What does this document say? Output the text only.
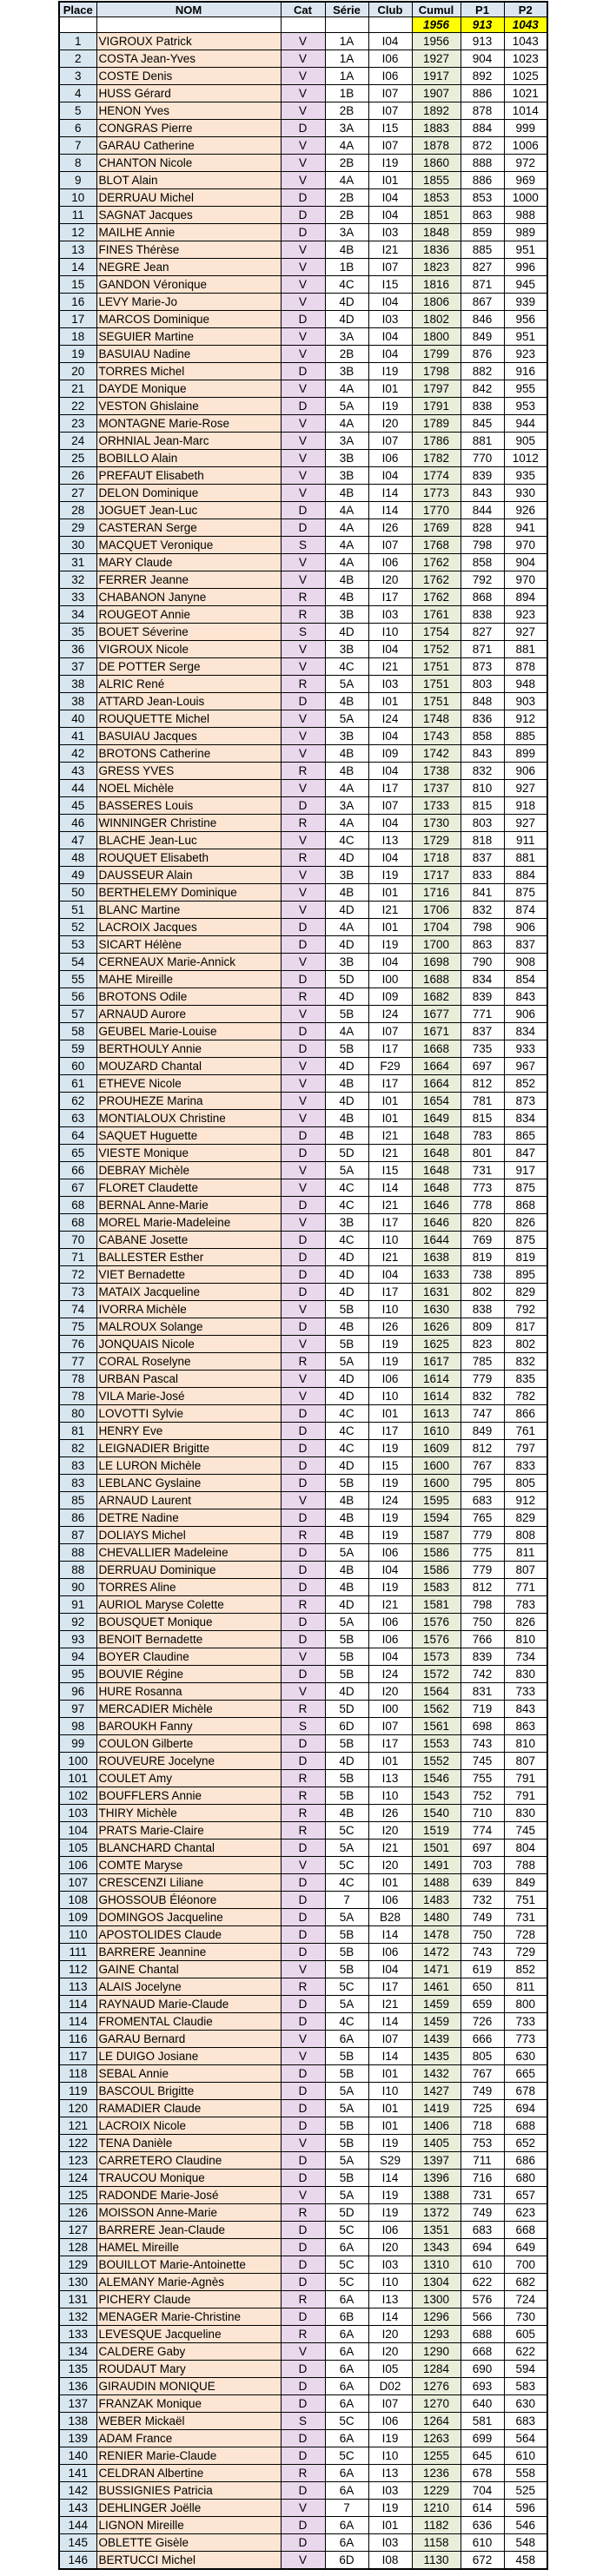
Place	NOM	Cat	Série	Club	Cumul	P1	P2
					1956	913	1043
1	VIGROUX Patrick	V	1A	I04	1956	913	1043
2	COSTA Jean-Yves	V	1A	I06	1927	904	1023
3	COSTE Denis	V	1A	I06	1917	892	1025
4	HUSS Gérard	V	1B	I07	1907	886	1021
5	HENON Yves	V	2B	I07	1892	878	1014
6	CONGRAS Pierre	D	3A	I15	1883	884	999
7	GARAU Catherine	V	4A	I07	1878	872	1006
8	CHANTON Nicole	V	2B	I19	1860	888	972
9	BLOT Alain	V	4A	I01	1855	886	969
10	DERRUAU Michel	D	2B	I04	1853	853	1000
11	SAGNAT Jacques	D	2B	I04	1851	863	988
12	MAILHE Annie	D	3A	I03	1848	859	989
13	FINES Thérèse	V	4B	I21	1836	885	951
14	NEGRE Jean	V	1B	I07	1823	827	996
15	GANDON Véronique	V	4C	I15	1816	871	945
16	LEVY Marie-Jo	V	4D	I04	1806	867	939
17	MARCOS Dominique	D	4D	I03	1802	846	956
18	SEGUIER Martine	V	3A	I04	1800	849	951
19	BASUIAU Nadine	V	2B	I04	1799	876	923
20	TORRES Michel	D	3B	I19	1798	882	916
21	DAYDE Monique	V	4A	I01	1797	842	955
22	VESTON Ghislaine	D	5A	I19	1791	838	953
23	MONTAGNE Marie-Rose	V	4A	I20	1789	845	944
24	ORHNIAL Jean-Marc	V	3A	I07	1786	881	905
25	BOBILLO Alain	V	3B	I06	1782	770	1012
26	PREFAUT Elisabeth	V	3B	I04	1774	839	935
27	DELON Dominique	V	4B	I14	1773	843	930
28	JOGUET Jean-Luc	D	4A	I14	1770	844	926
29	CASTERAN Serge	D	4A	I26	1769	828	941
30	MACQUET Veronique	S	4A	I07	1768	798	970
31	MARY Claude	V	4A	I06	1762	858	904
32	FERRER Jeanne	V	4B	I20	1762	792	970
33	CHABANON Janyne	R	4B	I17	1762	868	894
34	ROUGEOT Annie	R	3B	I03	1761	838	923
35	BOUET Séverine	S	4D	I10	1754	827	927
36	VIGROUX Nicole	V	3B	I04	1752	871	881
37	DE POTTER Serge	V	4C	I21	1751	873	878
38	ALRIC René	R	5A	I03	1751	803	948
38	ATTARD Jean-Louis	D	4B	I01	1751	848	903
40	ROUQUETTE Michel	V	5A	I24	1748	836	912
41	BASUIAU Jacques	V	3B	I04	1743	858	885
42	BROTONS Catherine	V	4B	I09	1742	843	899
43	GRESS YVES	R	4B	I04	1738	832	906
44	NOEL Michèle	V	4A	I17	1737	810	927
45	BASSERES Louis	D	3A	I07	1733	815	918
46	WINNINGER Christine	R	4A	I04	1730	803	927
47	BLACHE Jean-Luc	V	4C	I13	1729	818	911
48	ROUQUET Elisabeth	R	4D	I04	1718	837	881
49	DAUSSEUR Alain	V	3B	I19	1717	833	884
50	BERTHELEMY Dominique	V	4B	I01	1716	841	875
51	BLANC Martine	V	4D	I21	1706	832	874
52	LACROIX Jacques	D	4A	I01	1704	798	906
53	SICART Hélène	D	4D	I19	1700	863	837
54	CERNEAUX Marie-Annick	V	3B	I04	1698	790	908
55	MAHE Mireille	D	5D	I00	1688	834	854
56	BROTONS Odile	R	4D	I09	1682	839	843
57	ARNAUD Aurore	V	5B	I24	1677	771	906
58	GEUBEL Marie-Louise	D	4A	I07	1671	837	834
59	BERTHOULY Annie	D	5B	I17	1668	735	933
60	MOUZARD Chantal	V	4D	F29	1664	697	967
61	ETHEVE Nicole	V	4B	I17	1664	812	852
62	PROUHEZE Marina	V	4D	I01	1654	781	873
63	MONTIALOUX Christine	V	4B	I01	1649	815	834
64	SAQUET Huguette	D	4B	I21	1648	783	865
65	VIESTE Monique	D	5D	I21	1648	801	847
66	DEBRAY Michèle	V	5A	I15	1648	731	917
67	FLORET Claudette	V	4C	I14	1648	773	875
68	BERNAL Anne-Marie	D	4C	I21	1646	778	868
68	MOREL Marie-Madeleine	V	3B	I17	1646	820	826
70	CABANE Josette	D	4C	I10	1644	769	875
71	BALLESTER Esther	D	4D	I21	1638	819	819
72	VIET Bernadette	D	4D	I04	1633	738	895
73	MATAIX Jacqueline	D	4D	I17	1631	802	829
74	IVORRA Michèle	V	5B	I10	1630	838	792
75	MALROUX Solange	D	4B	I26	1626	809	817
76	JONQUAIS Nicole	V	5B	I19	1625	823	802
77	CORAL Roselyne	R	5A	I19	1617	785	832
78	URBAN Pascal	V	4D	I06	1614	779	835
78	VILA Marie-José	V	4D	I10	1614	832	782
80	LOVOTTI Sylvie	D	4C	I01	1613	747	866
81	HENRY Eve	D	4C	I17	1610	849	761
82	LEIGNADIER Brigitte	D	4C	I19	1609	812	797
83	LE LURON Michèle	D	4D	I15	1600	767	833
83	LEBLANC Gyslaine	D	5B	I19	1600	795	805
85	ARNAUD Laurent	V	4B	I24	1595	683	912
86	DETRE Nadine	D	4B	I19	1594	765	829
87	DOLIAYS Michel	R	4B	I19	1587	779	808
88	CHEVALLIER Madeleine	D	5A	I06	1586	775	811
88	DERRUAU Dominique	D	4B	I04	1586	779	807
90	TORRES Aline	D	4B	I19	1583	812	771
91	AURIOL Maryse Colette	R	4D	I21	1581	798	783
92	BOUSQUET Monique	D	5A	I06	1576	750	826
93	BENOIT Bernadette	D	5B	I06	1576	766	810
94	BOYER Claudine	V	5B	I04	1573	839	734
95	BOUVIE Régine	D	5B	I24	1572	742	830
96	HURE Rosanna	V	4D	I20	1564	831	733
97	MERCADIER Michèle	R	5D	I00	1562	719	843
98	BAROUKH Fanny	S	6D	I07	1561	698	863
99	COULON Gilberte	D	5B	I17	1553	743	810
100	ROUVEURE Jocelyne	D	4D	I01	1552	745	807
101	COULET Amy	R	5B	I13	1546	755	791
102	BOUFFLERS Annie	R	5B	I10	1543	752	791
103	THIRY Michèle	R	4B	I26	1540	710	830
104	PRATS Marie-Claire	R	5C	I20	1519	774	745
105	BLANCHARD Chantal	D	5A	I21	1501	697	804
106	COMTE Maryse	V	5C	I20	1491	703	788
107	CRESCENZI Liliane	D	4C	I01	1488	639	849
108	GHOSSOUB Éléonore	D	7	I06	1483	732	751
109	DOMINGOS Jacqueline	D	5A	B28	1480	749	731
110	APOSTOLIDES Claude	D	5B	I14	1478	750	728
111	BARRERE Jeannine	D	5B	I06	1472	743	729
112	GAINE Chantal	V	5B	I04	1471	619	852
113	ALAIS Jocelyne	R	5C	I17	1461	650	811
114	RAYNAUD Marie-Claude	D	5A	I21	1459	659	800
114	FROMENTAL Claudie	D	4C	I14	1459	726	733
116	GARAU Bernard	V	6A	I07	1439	666	773
117	LE DUIGO Josiane	V	5B	I14	1435	805	630
118	SEBAL Annie	D	5B	I01	1432	767	665
119	BASCOUL Brigitte	D	5A	I10	1427	749	678
120	RAMADIER Claude	D	5A	I01	1419	725	694
121	LACROIX Nicole	D	5B	I01	1406	718	688
122	TENA Danièle	V	5B	I19	1405	753	652
123	CARRETERO Claudine	D	5A	S29	1397	711	686
124	TRAUCOU Monique	D	5B	I14	1396	716	680
125	RADONDE Marie-José	V	5A	I19	1388	731	657
126	MOISSON Anne-Marie	R	5D	I19	1372	749	623
127	BARRERE Jean-Claude	D	5C	I06	1351	683	668
128	HAMEL Mireille	D	6A	I20	1343	694	649
129	BOUILLOT Marie-Antoinette	D	5C	I03	1310	610	700
130	ALEMANY Marie-Agnès	D	5C	I10	1304	622	682
131	PICHERY Claude	R	6A	I13	1300	576	724
132	MENAGER Marie-Christine	D	6B	I14	1296	566	730
133	LEVESQUE Jacqueline	R	6A	I20	1293	688	605
134	CALDERE Gaby	V	6A	I20	1290	668	622
135	ROUDAUT Mary	D	6A	I05	1284	690	594
136	GIRAUDIN MONIQUE	D	6A	D02	1276	693	583
137	FRANZAK Monique	D	6A	I07	1270	640	630
138	WEBER Mickaël	S	5C	I06	1264	581	683
139	ADAM France	D	6A	I19	1263	699	564
140	RENIER Marie-Claude	D	5C	I10	1255	645	610
141	CELDRAN Albertine	R	6A	I13	1236	678	558
142	BUSSIGNIES Patricia	D	6A	I03	1229	704	525
143	DEHLINGER Joëlle	V	7	I19	1210	614	596
144	LIGNON Mireille	D	6A	I01	1182	636	546
145	OBLETTE Gisèle	D	6A	I03	1158	610	548
146	BERTUCCI Michel	V	6D	I08	1130	672	458
